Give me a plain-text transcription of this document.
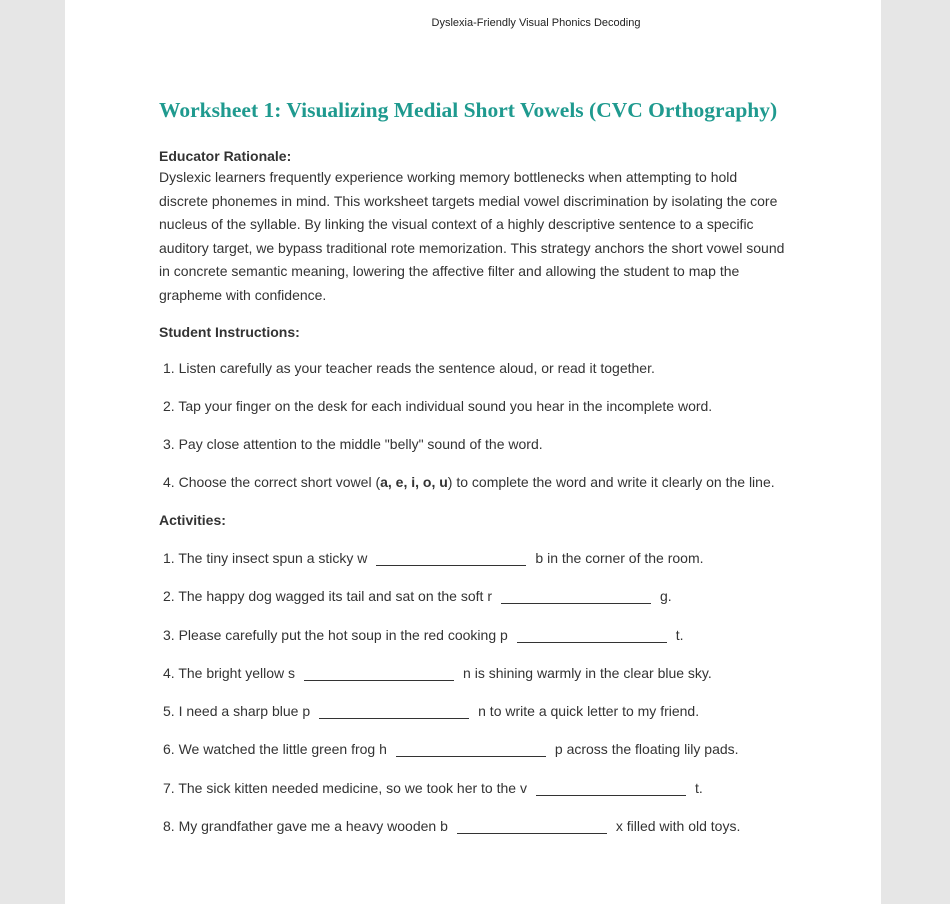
Dyslexia-Friendly Visual Phonics Decoding
Worksheet 1: Visualizing Medial Short Vowels (CVC Orthography)
Educator Rationale:

Dyslexic learners frequently experience working memory bottlenecks when attempting to hold discrete phonemes in mind. This worksheet targets medial vowel discrimination by isolating the core nucleus of the syllable. By linking the visual context of a highly descriptive sentence to a specific auditory target, we bypass traditional rote memorization. This strategy anchors the short vowel sound in concrete semantic meaning, lowering the affective filter and allowing the student to map the grapheme with confidence.

Student Instructions:
1. Listen carefully as your teacher reads the sentence aloud, or read it together.
2. Tap your finger on the desk for each individual sound you hear in the incomplete word.
3. Pay close attention to the middle "belly" sound of the word.
4. Choose the correct short vowel (a, e, i, o, u) to complete the word and write it clearly on the line.
Activities:
1. The tiny insect spun a sticky w	b in the corner of the room.
2. The happy dog wagged its tail and sat on the soft r	g.
3. Please carefully put the hot soup in the red cooking p	t.
4. The bright yellow s	n is shining warmly in the clear blue sky.
5. I need a sharp blue p	n to write a quick letter to my friend.
6. We watched the little green frog h	p across the floating lily pads.
7. The sick kitten needed medicine, so we took her to the v	t.
8. My grandfather gave me a heavy wooden b	x filled with old toys.
